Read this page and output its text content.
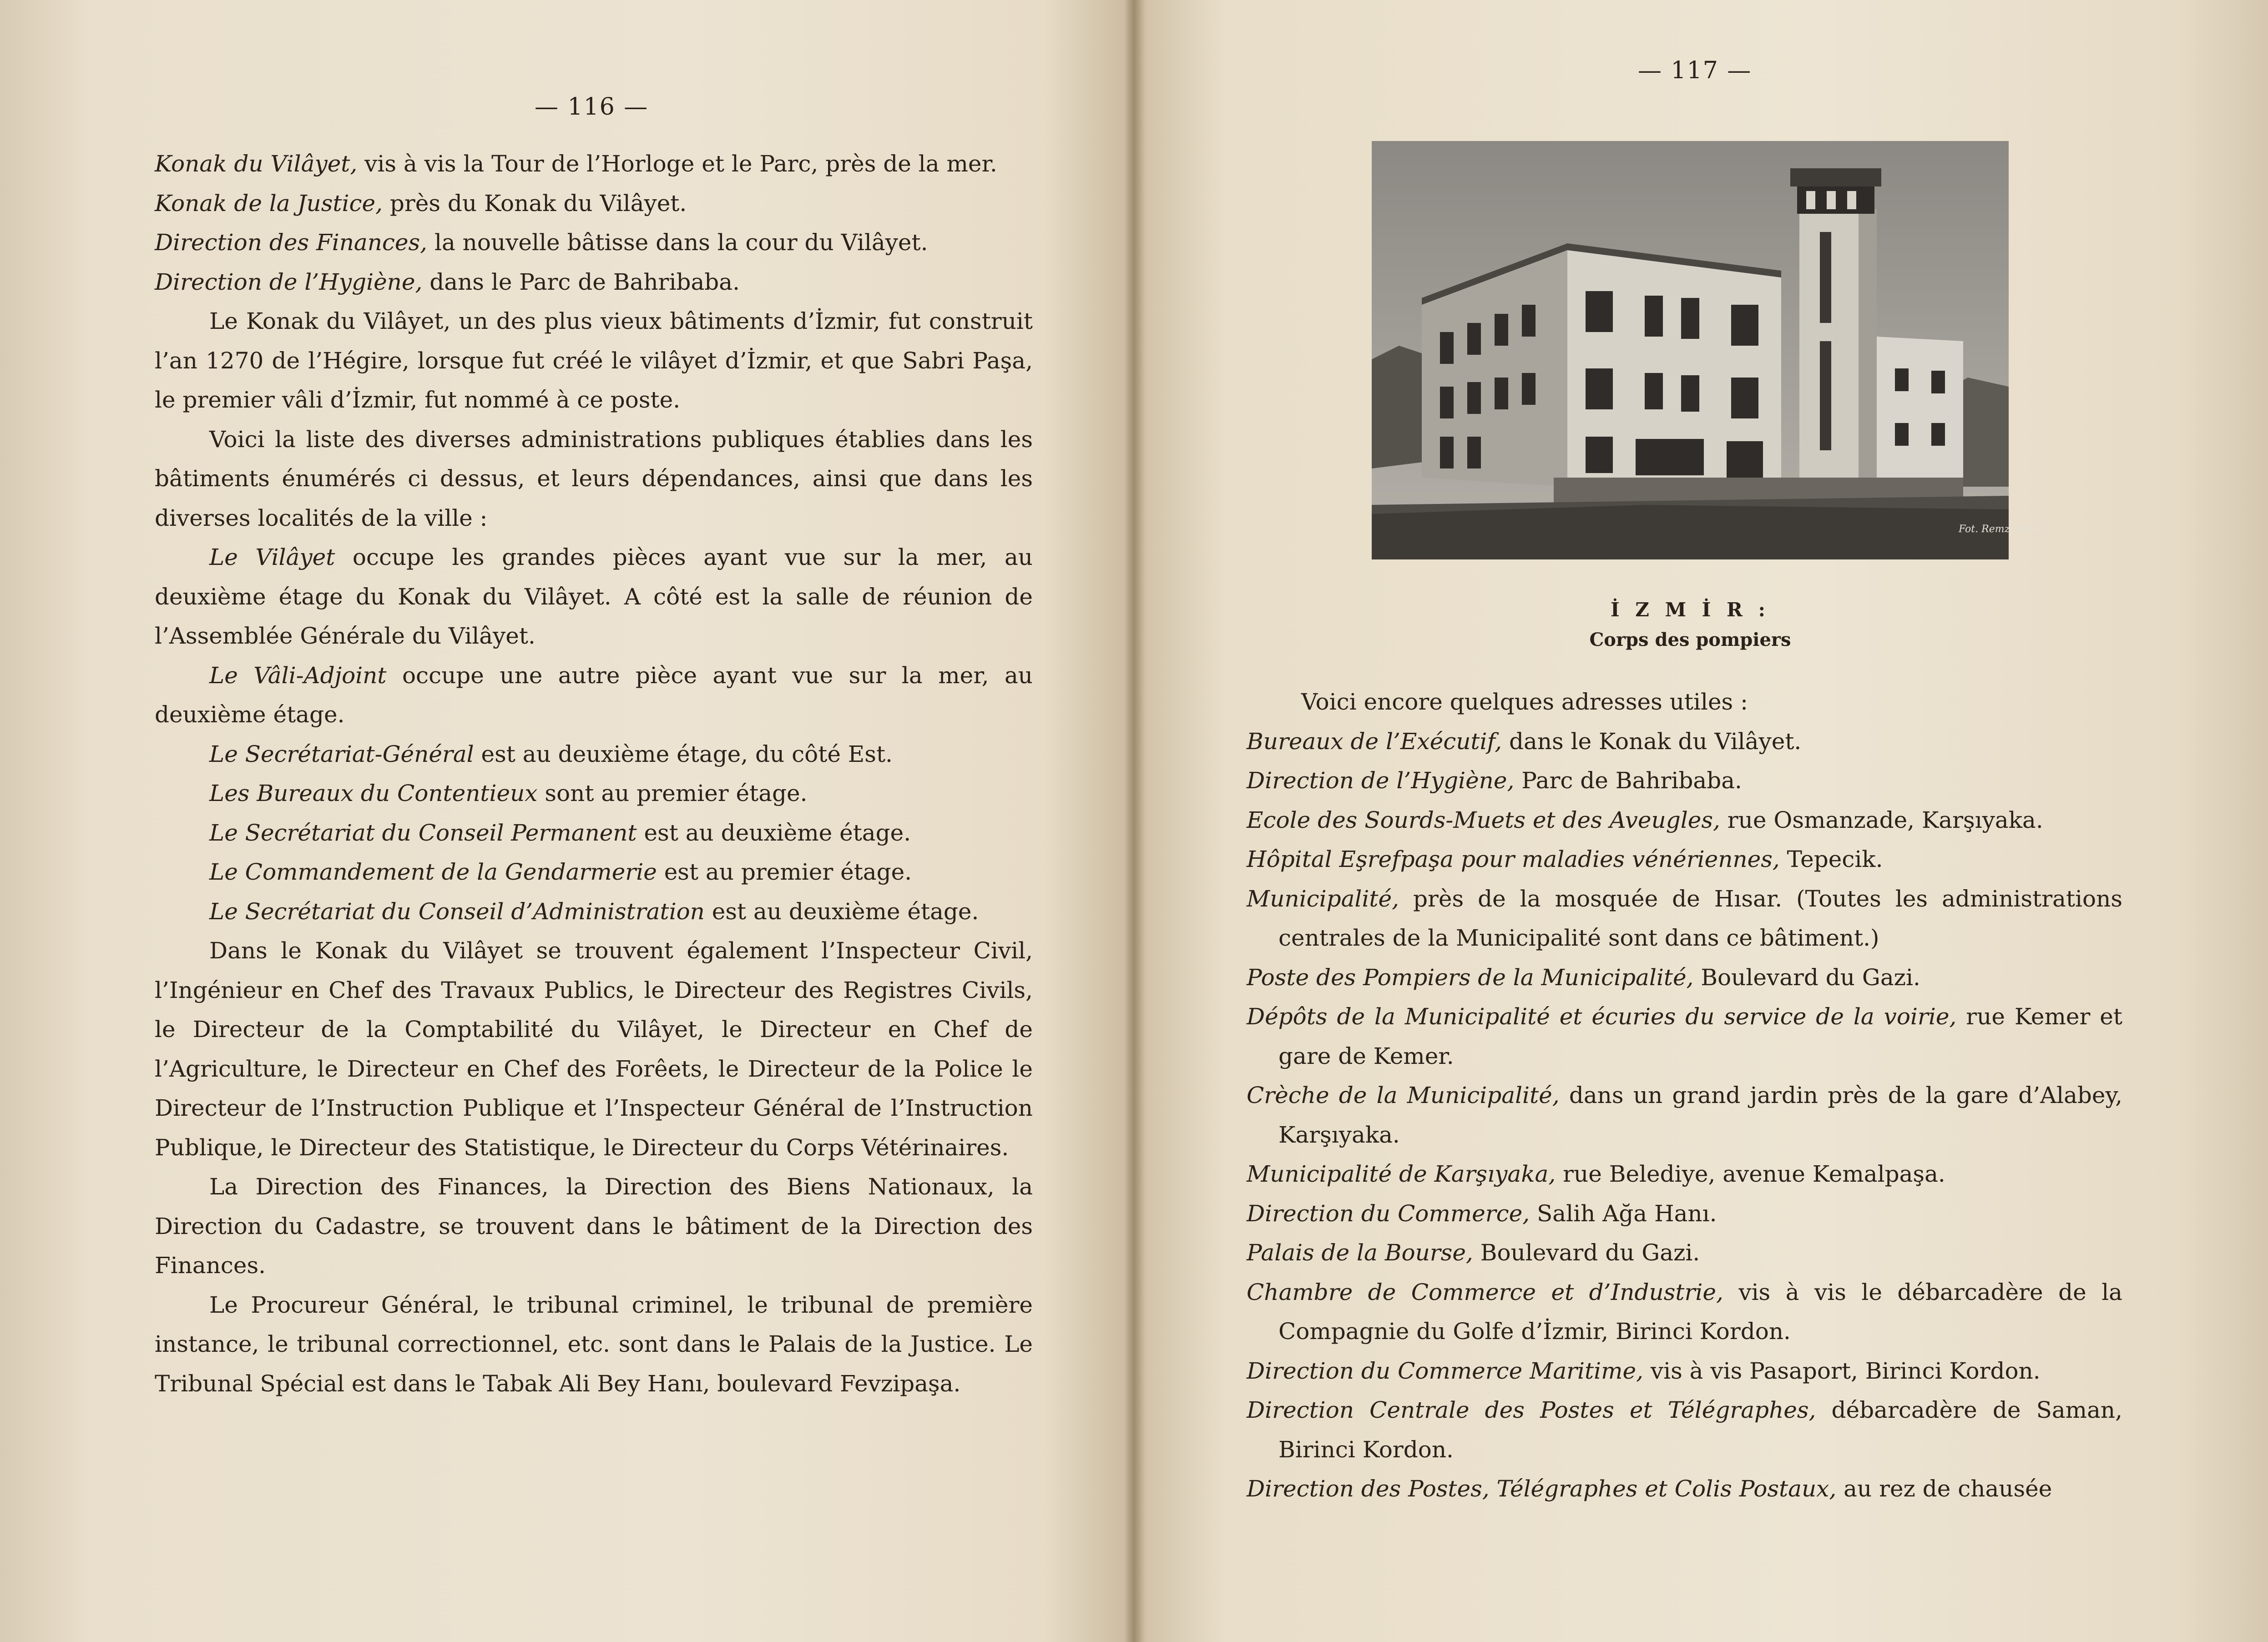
— 116 —

Konak du Vilâyet, vis à vis la Tour de l’Horloge et le Parc, près de la mer.

Konak de la Justice, près du Konak du Vilâyet.

Direction des Finances, la nouvelle bâtisse dans la cour du Vilâyet.

Direction de l’Hygiène, dans le Parc de Bahribaba.

Le Konak du Vilâyet, un des plus vieux bâtiments d’İzmir, fut construit l’an 1270 de l’Hégire, lorsque fut créé le vilâyet d’İzmir, et que Sabri Paşa, le premier vâli d’İzmir, fut nommé à ce poste.

Voici la liste des diverses administrations publiques établies dans les bâtiments énumérés ci dessus, et leurs dépendances, ainsi que dans les diverses localités de la ville :

Le Vilâyet occupe les grandes pièces ayant vue sur la mer, au deuxième étage du Konak du Vilâyet. A côté est la salle de réunion de l’Assemblée Générale du Vilâyet.

Le Vâli-Adjoint occupe une autre pièce ayant vue sur la mer, au deuxième étage.

Le Secrétariat-Général est au deuxième étage, du côté Est.

Les Bureaux du Contentieux sont au premier étage.

Le Secrétariat du Conseil Permanent est au deuxième étage.

Le Commandement de la Gendarmerie est au premier étage.

Le Secrétariat du Conseil d’Administration est au deuxième étage.

Dans le Konak du Vilâyet se trouvent également l’Inspecteur Civil, l’Ingénieur en Chef des Travaux Publics, le Directeur des Registres Civils, le Directeur de la Comptabilité du Vilâyet, le Directeur en Chef de l’Agriculture, le Directeur en Chef des Forêets, le Directeur de la Police le Directeur de l’Instruction Publique et l’Inspecteur Général de l’Instruction Publique, le Directeur des Statistique, le Directeur du Corps Vétérinaires.

La Direction des Finances, la Direction des Biens Nationaux, la Direction du Cadastre, se trouvent dans le bâtiment de la Direction des Finances.

Le Procureur Général, le tribunal criminel, le tribunal de première instance, le tribunal correctionnel, etc. sont dans le Palais de la Justice. Le Tribunal Spécial est dans le Tabak Ali Bey Hanı, boulevard Fevzipaşa.

— 117 —
Fot. Remzi İzmir
İ Z M İ R :
Corps des pompiers

Voici encore quelques adresses utiles :

Bureaux de l’Exécutif, dans le Konak du Vilâyet.

Direction de l’Hygiène, Parc de Bahribaba.

Ecole des Sourds-Muets et des Aveugles, rue Osmanzade, Karşıyaka.

Hôpital Eşrefpaşa pour maladies vénériennes, Tepecik.

Municipalité, près de la mosquée de Hısar. (Toutes les administrations centrales de la Municipalité sont dans ce bâtiment.)

Poste des Pompiers de la Municipalité, Boulevard du Gazi.

Dépôts de la Municipalité et écuries du service de la voirie, rue Kemer et gare de Kemer.

Crèche de la Municipalité, dans un grand jardin près de la gare d’Alabey, Karşıyaka.

Municipalité de Karşıyaka, rue Belediye, avenue Kemalpaşa.

Direction du Commerce, Salih Ağa Hanı.

Palais de la Bourse, Boulevard du Gazi.

Chambre de Commerce et d’Industrie, vis à vis le débarcadère de la Compagnie du Golfe d’İzmir, Birinci Kordon.

Direction du Commerce Maritime, vis à vis Pasaport, Birinci Kordon.

Direction Centrale des Postes et Télégraphes, débarcadère de Saman, Birinci Kordon.

Direction des Postes, Télégraphes et Colis Postaux, au rez de chausée
